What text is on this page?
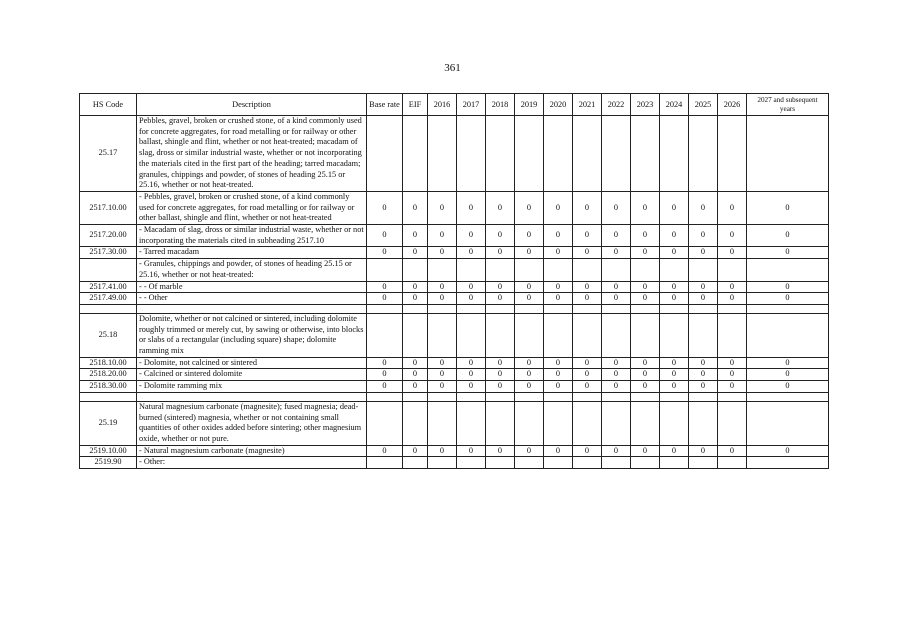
361
HS Code	Description	Base rate	EIF	2016	2017	2018	2019	2020	2021	2022	2023	2024	2025	2026	2027 and subsequent years
25.17	Pebbles, gravel, broken or crushed stone, of a kind commonly used for concrete aggregates, for road metalling or for railway or other ballast, shingle and flint, whether or not heat-treated; macadam of slag, dross or similar industrial waste, whether or not incorporating the materials cited in the first part of the heading; tarred macadam; granules, chippings and powder, of stones of heading 25.15 or 25.16, whether or not heat-treated.														
2517.10.00	- Pebbles, gravel, broken or crushed stone, of a kind commonly used for concrete aggregates, for road metalling or for railway or other ballast, shingle and flint, whether or not heat-treated	0	0	0	0	0	0	0	0	0	0	0	0	0	0
2517.20.00	- Macadam of slag, dross or similar industrial waste, whether or not incorporating the materials cited in subheading 2517.10	0	0	0	0	0	0	0	0	0	0	0	0	0	0
2517.30.00	- Tarred macadam	0	0	0	0	0	0	0	0	0	0	0	0	0	0
	- Granules, chippings and powder, of stones of heading 25.15 or 25.16, whether or not heat-treated:														
2517.41.00	- - Of marble	0	0	0	0	0	0	0	0	0	0	0	0	0	0
2517.49.00	- - Other	0	0	0	0	0	0	0	0	0	0	0	0	0	0

25.18	Dolomite, whether or not calcined or sintered, including dolomite roughly trimmed or merely cut, by sawing or otherwise, into blocks or slabs of a rectangular (including square) shape; dolomite ramming mix														
2518.10.00	- Dolomite, not calcined or sintered	0	0	0	0	0	0	0	0	0	0	0	0	0	0
2518.20.00	- Calcined or sintered dolomite	0	0	0	0	0	0	0	0	0	0	0	0	0	0
2518.30.00	- Dolomite ramming mix	0	0	0	0	0	0	0	0	0	0	0	0	0	0

25.19	Natural magnesium carbonate (magnesite); fused magnesia; dead-burned (sintered) magnesia, whether or not containing small quantities of other oxides added before sintering; other magnesium oxide, whether or not pure.														
2519.10.00	- Natural magnesium carbonate (magnesite)	0	0	0	0	0	0	0	0	0	0	0	0	0	0
2519.90	- Other:														
